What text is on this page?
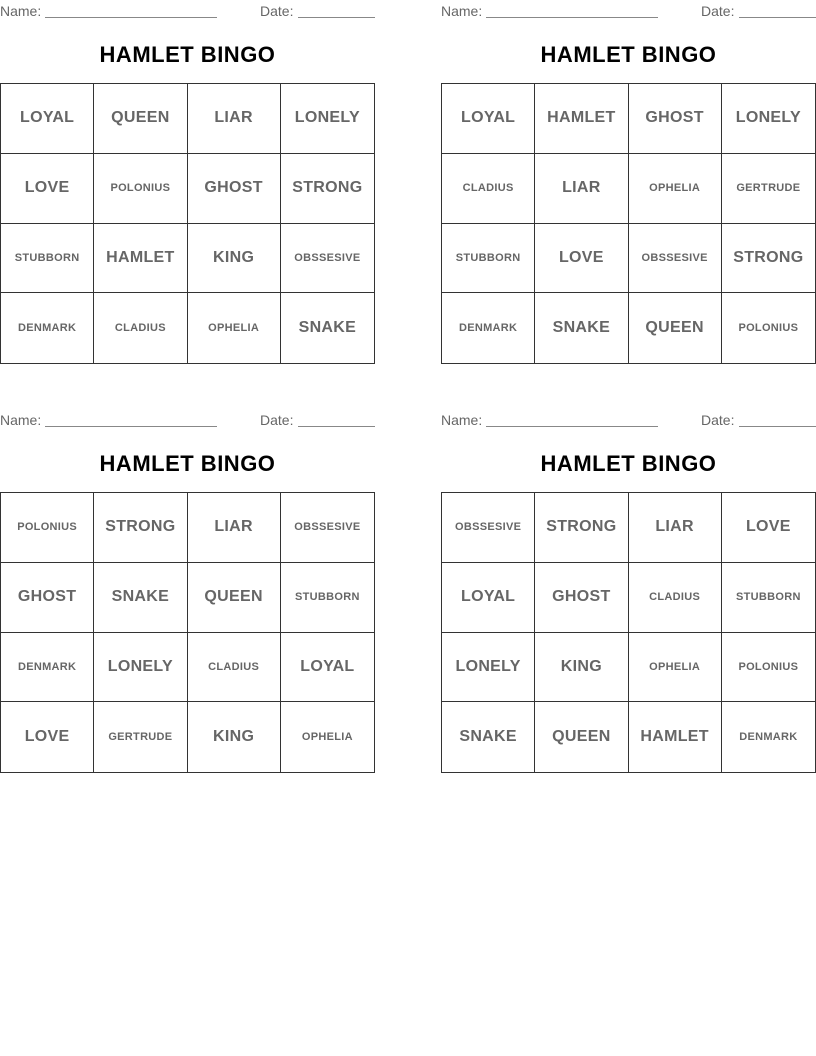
Name:	Date:
HAMLET BINGO
LOYAL	QUEEN	LIAR	LONELY
LOVE	POLONIUS	GHOST	STRONG
STUBBORN	HAMLET	KING	OBSSESIVE
DENMARK	CLADIUS	OPHELIA	SNAKE
Name:	Date:
HAMLET BINGO
LOYAL	HAMLET	GHOST	LONELY
CLADIUS	LIAR	OPHELIA	GERTRUDE
STUBBORN	LOVE	OBSSESIVE	STRONG
DENMARK	SNAKE	QUEEN	POLONIUS
Name:	Date:
HAMLET BINGO
POLONIUS	STRONG	LIAR	OBSSESIVE
GHOST	SNAKE	QUEEN	STUBBORN
DENMARK	LONELY	CLADIUS	LOYAL
LOVE	GERTRUDE	KING	OPHELIA
Name:	Date:
HAMLET BINGO
OBSSESIVE	STRONG	LIAR	LOVE
LOYAL	GHOST	CLADIUS	STUBBORN
LONELY	KING	OPHELIA	POLONIUS
SNAKE	QUEEN	HAMLET	DENMARK
